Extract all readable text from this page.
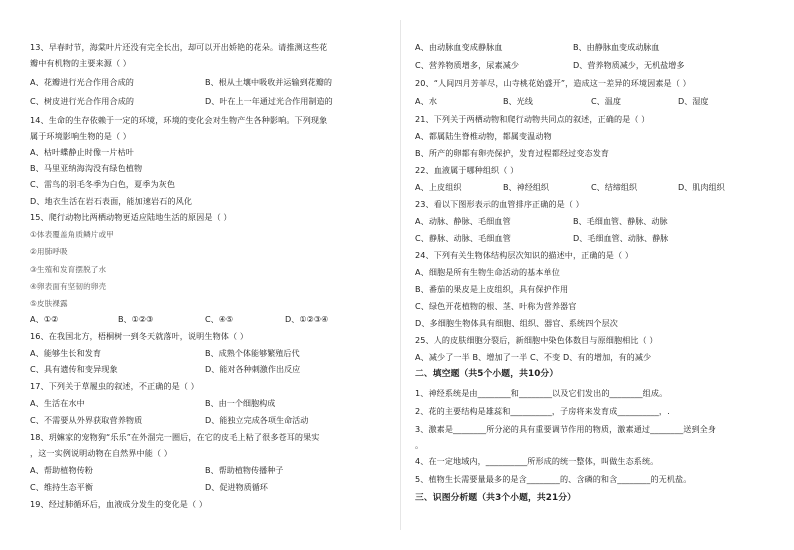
13、早春时节，海棠叶片还没有完全长出，却可以开出娇艳的花朵。请推测这些花
瓣中有机物的主要来源（ ）
A、花瓣进行光合作用合成的	B、根从土壤中吸收并运输到花瓣的
C、树皮进行光合作用合成的	D、叶在上一年通过光合作用制造的
14、生命的生存依赖于一定的环境，环境的变化会对生物产生各种影响。下列现象
属于环境影响生物的是（ ）
A、枯叶蝶静止时像一片枯叶
B、马里亚纳海沟没有绿色植物
C、雷鸟的羽毛冬季为白色，夏季为灰色
D、地衣生活在岩石表面，能加速岩石的风化
15、爬行动物比两栖动物更适应陆地生活的原因是（ ）
①体表覆盖角质鳞片或甲
②用肺呼吸
③生殖和发育摆脱了水
④卵表面有坚韧的卵壳
⑤皮肤裸露
A、①②	B、①②③	C、④⑤	D、①②③④
16、在我国北方，梧桐树一到冬天就落叶，说明生物体（ ）
A、能够生长和发育	B、成熟个体能够繁殖后代
C、具有遗传和变异现象	D、能对各种刺激作出反应
17、下列关于草履虫的叙述，不正确的是（ ）
A、生活在水中	B、由一个细胞构成
C、不需要从外界获取营养物质	D、能独立完成各项生命活动
18、玥嫲家的宠物狗“乐乐”在外溜完一圈后，在它的皮毛上粘了很多苍耳的果实
，这一实例说明动物在自然界中能（ ）
A、帮助植物传粉	B、帮助植物传播种子
C、维持生态平衡	D、促进物质循环
19、经过肺循环后，血液成分发生的变化是（ ）
A、由动脉血变成静脉血	B、由静脉血变成动脉血
C、营养物质增多，尿素减少	D、营养物质减少，无机盐增多
20、“人间四月芳菲尽，山寺桃花始盛开”，造成这一差异的环境因素是（ ）
A、水	B、光线	C、温度	D、湿度
21、下列关于两栖动物和爬行动物共同点的叙述，正确的是（ ）
A、都属陆生脊椎动物，都属变温动物
B、所产的卵都有卵壳保护，发育过程都经过变态发育
22、血液属于哪种组织（ ）
A、上皮组织	B、神经组织	C、结缔组织	D、肌肉组织
23、看以下图形表示的血管排序正确的是（ ）
A、动脉、静脉、毛细血管	B、毛细血管、静脉、动脉
C、静脉、动脉、毛细血管	D、毛细血管、动脉、静脉
24、下列有关生物体结构层次知识的描述中，正确的是（ ）
A、细胞是所有生物生命活动的基本单位
B、番茄的果皮是上皮组织，具有保护作用
C、绿色开花植物的根、茎、叶称为营养器官
D、多细胞生物体具有细胞、组织、器官、系统四个层次
25、人的皮肤细胞分裂后，新细胞中染色体数目与原细胞相比（ ）
A、减少了一半 B、增加了一半 C、不变 D、有的增加，有的减少
二、填空题（共5个小题，共10分）
1、神经系统是由________和________以及它们发出的________组成。
2、花的主要结构是雄蕊和__________，子房将来发育成__________，.
3、激素是________所分泌的具有重要调节作用的物质，激素通过________送到全身
。
4、在一定地域内，__________所形成的统一整体，叫做生态系统。
5、植物生长需要量最多的是含________的、含磷的和含________的无机盐。
三、识图分析题（共3个小题，共21分）
